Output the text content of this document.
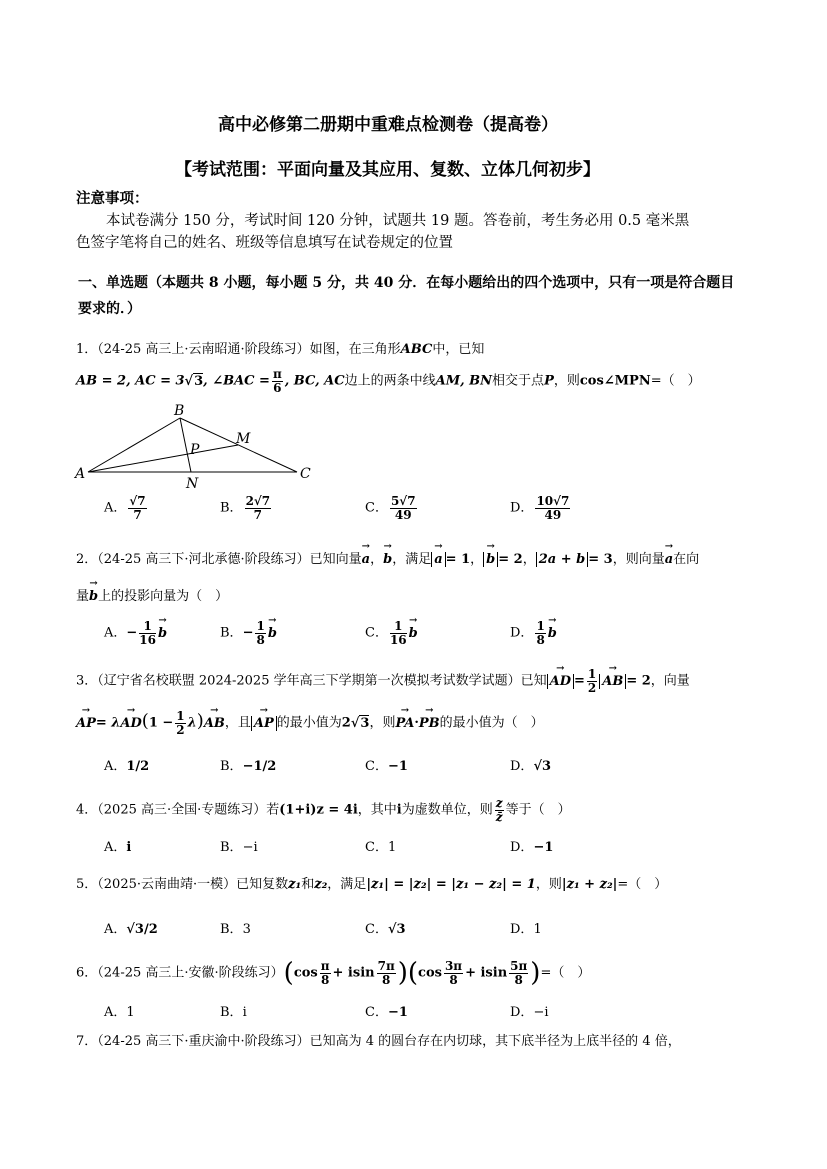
高中必修第二册期中重难点检测卷（提高卷）
【考试范围：平面向量及其应用、复数、立体几何初步】
注意事项：
本试卷满分 150 分，考试时间 120 分钟，试题共 19 题。答卷前，考生务必用 0.5 毫米黑
色签字笔将自己的姓名、班级等信息填写在试卷规定的位置
一、单选题（本题共 8 小题，每小题 5 分，共 40 分．在每小题给出的四个选项中，只有一项是符合题目
要求的．）
1．（24-25 高三上·云南昭通·阶段练习）如图，在三角形ABC中，已知
AB = 2, AC = 3√3, ∠BAC = $\frac{\pi}{6}$ , BC, AC边上的两条中线AM, BN相交于点P，则cos∠MPN=（　）
A
B
C
M
N
P
A． $\frac{√7}{7}$	B． $\frac{2√7}{7}$	C． $\frac{5√7}{49}$	D． $\frac{10√7}{49}$
2．（24-25 高三下·河北承德·阶段练习）已知向量→ a，→ b，满足→ a = 1，→ b = 2， 2a + b = 3，则向量→ a在向
量→ b上的投影向量为（　）
A．− $\frac{1}{16}$
→ b	B．− $\frac{1}{8}$
→ b	C． $\frac{1}{16}$
→ b	D． $\frac{1}{8}$
→ b
3．（辽宁省名校联盟 2024-2025 学年高三下学期第一次模拟考试数学试题）已知→ AD = $\frac{1}{2}$
→ AB = 2，向量
→ $AP= \lambda\to AD(1 - \frac{1}{2} \lambda)\to$ AB，且→ AP 的最小值为2√3，则→ PA·→ PB的最小值为（　）
A．1/2	B．−1/2	C．−1	D．√3
4．（2025 高三·全国·专题练习）若(1+i)z = 4i，其中i为虚数单位，则 $\frac{z}{z̄}$ 等于（　）
A．i	B．−i	C．1	D．−1
5．（2025·云南曲靖·一模）已知复数z₁和z₂，满足|z₁| = |z₂| = |z₁ − z₂| = 1，则|z₁ + z₂|=（　）
A．√3/2	B．3	C．√3	D．1
6．（24-25 高三上·安徽·阶段练习）$(\cos \frac{\pi}{8} + isin \frac{7\pi}{8} )(\cos \frac{3\pi}{8} + isin \frac{5\pi}{8}$ )=（　）
A．1	B．i	C．−1	D．−i
7．（24-25 高三下·重庆渝中·阶段练习）已知高为 4 的圆台存在内切球，其下底半径为上底半径的 4 倍，
